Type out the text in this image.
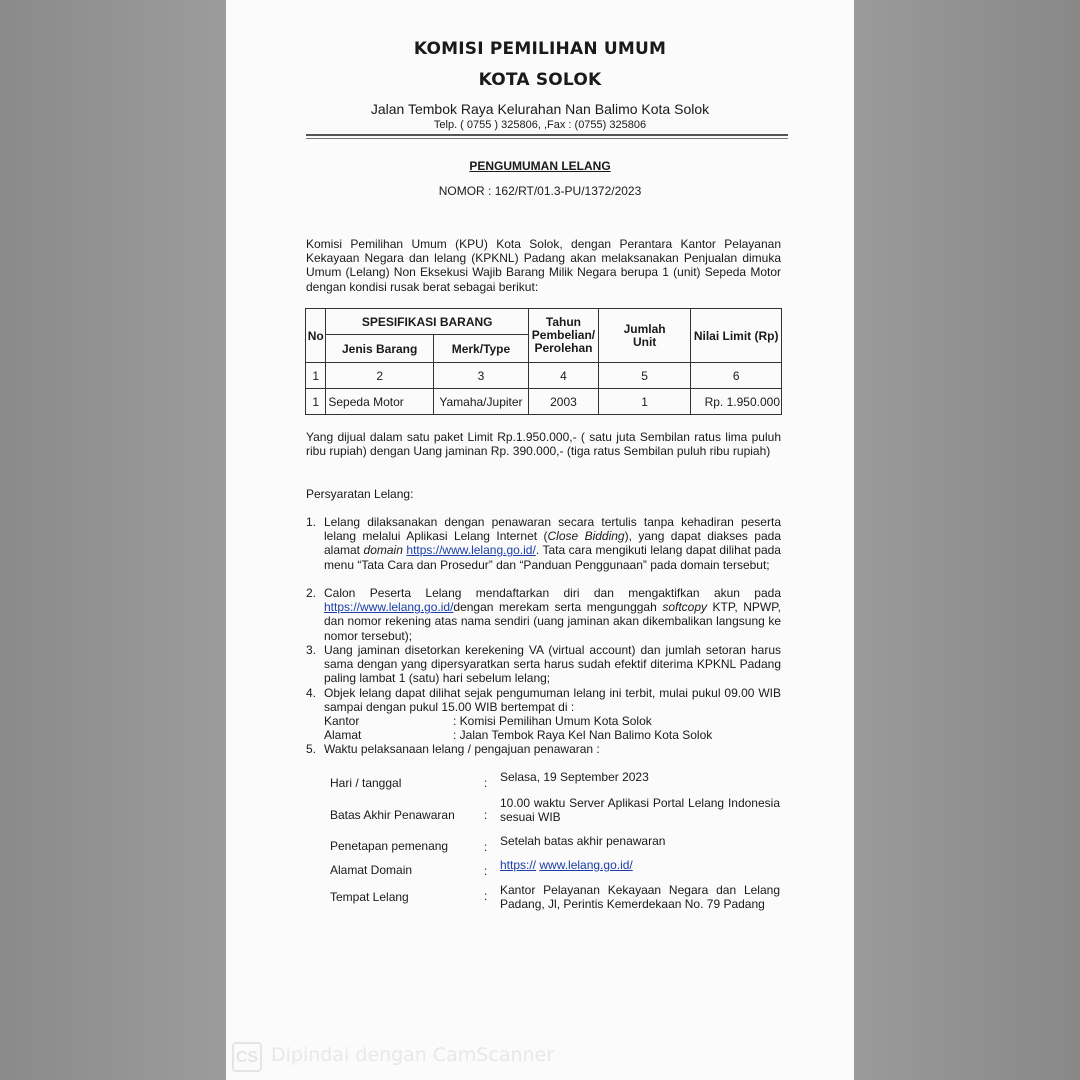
KOMISI PEMILIHAN UMUM
KOTA SOLOK
Jalan Tembok Raya Kelurahan Nan Balimo Kota Solok
Telp. ( 0755 ) 325806, ,Fax : (0755) 325806
PENGUMUMAN LELANG
NOMOR : 162/RT/01.3-PU/1372/2023
Komisi Pemilihan Umum (KPU) Kota Solok, dengan Perantara Kantor Pelayanan Kekayaan Negara dan lelang (KPKNL) Padang akan melaksanakan Penjualan dimuka Umum (Lelang) Non Eksekusi Wajib Barang Milik Negara berupa 1 (unit) Sepeda Motor dengan kondisi rusak berat sebagai berikut:
No	SPESIFIKASI BARANG		Tahun Pembelian/ Perolehan	Jumlah Unit	Nilai Limit (Rp)
	Jenis Barang	Merk/Type			
1	2	3	4	5	6
1	Sepeda Motor	Yamaha/Jupiter	2003	1	Rp. 1.950.000
Yang dijual dalam satu paket Limit Rp.1.950.000,- ( satu juta Sembilan ratus lima puluh ribu rupiah) dengan Uang jaminan Rp. 390.000,- (tiga ratus Sembilan puluh ribu rupiah)
Persyaratan Lelang:
1. Lelang dilaksanakan dengan penawaran secara tertulis tanpa kehadiran peserta lelang melalui Aplikasi Lelang Internet (Close Bidding), yang dapat diakses pada alamat domain https://www.lelang.go.id/. Tata cara mengikuti lelang dapat dilihat pada menu “Tata Cara dan Prosedur” dan “Panduan Penggunaan” pada domain tersebut;
2. Calon Peserta Lelang mendaftarkan diri dan mengaktifkan akun pada https://www.lelang.go.id/dengan merekam serta mengunggah softcopy KTP, NPWP, dan nomor rekening atas nama sendiri (uang jaminan akan dikembalikan langsung ke nomor tersebut);
3. Uang jaminan disetorkan kerekening VA (virtual account) dan jumlah setoran harus sama dengan yang dipersyaratkan serta harus sudah efektif diterima KPKNL Padang paling lambat 1 (satu) hari sebelum lelang;
4. Objek lelang dapat dilihat sejak pengumuman lelang ini terbit, mulai pukul 09.00 WIB sampai dengan pukul 15.00 WIB bertempat di :
Kantor	: Komisi Pemilihan Umum Kota Solok
Alamat	: Jalan Tembok Raya Kel Nan Balimo Kota Solok
5. Waktu pelaksanaan lelang / pengajuan penawaran :
Hari / tanggal	: Selasa, 19 September 2023
Batas Akhir Penawaran :
10.00 waktu Server Aplikasi Portal Lelang Indonesia sesuai WIB
Penetapan pemenang	: Setelah batas akhir penawaran
Alamat Domain	: https:// www.lelang.go.id/
Tempat Lelang	: Kantor Pelayanan Kekayaan Negara dan Lelang Padang, Jl, Perintis Kemerdekaan No. 79 Padang
CS Dipindai dengan CamScanner
